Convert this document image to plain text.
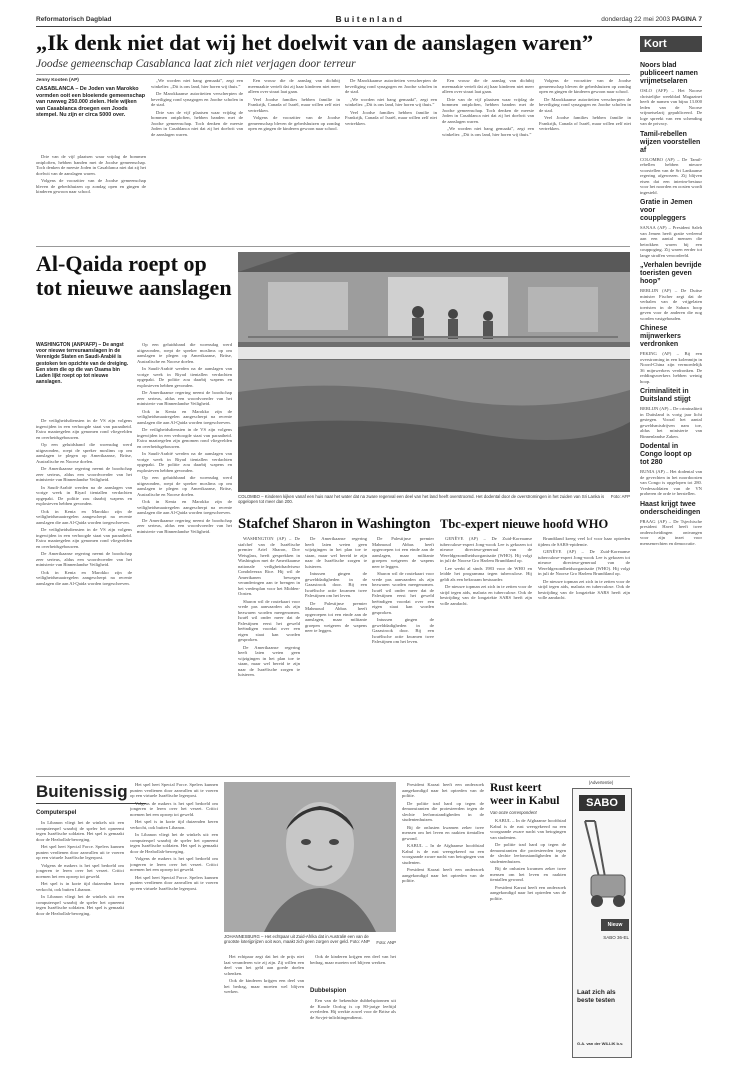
Reformatorisch Dagblad	Buitenland	donderdag 22 mei 2003 PAGINA 7
„Ik denk niet dat wij het doelwit van de aanslagen waren”
Joodse gemeenschap Casablanca laat zich niet verjagen door terreur
Kort
Jenny Kooten (AP)
CASABLANCA – De Joden van Marokko vormden ooit een bloeiende gemeenschap van ruwweg 250.000 zielen. Hele wijken van Casablanca droegen een Joods stempel. Nu zijn er circa 5000 over.

Drie van de vijf plaatsen waar vrijdag de bommen ontploften, hebben banden met de Joodse gemeenschap. Toch denken de meeste Joden in Casablanca niet dat zij het doelwit van de aanslagen waren.

Volgens de voorzitter van de Joodse gemeenschap bleven de gebedshuizen op zondag open en gingen de kinderen gewoon naar school.

„We worden niet bang gemaakt”, zegt een winkelier. „Dit is ons land, hier horen wij thuis.”

De Marokkaanse autoriteiten verscherpten de beveiliging rond synagogen en Joodse scholen in de stad.

Drie van de vijf plaatsen waar vrijdag de bommen ontploften, hebben banden met de Joodse gemeenschap. Toch denken de meeste Joden in Casablanca niet dat zij het doelwit van de aanslagen waren.

Een vrouw die de aanslag van dichtbij meemaakte vertelt dat zij haar kinderen niet meer alleen over straat laat gaan.

Veel Joodse families hebben familie in Frankrijk, Canada of Israël, maar willen zelf niet vertrekken.

Volgens de voorzitter van de Joodse gemeenschap bleven de gebedshuizen op zondag open en gingen de kinderen gewoon naar school.

De Marokkaanse autoriteiten verscherpten de beveiliging rond synagogen en Joodse scholen in de stad.

„We worden niet bang gemaakt”, zegt een winkelier. „Dit is ons land, hier horen wij thuis.”

Veel Joodse families hebben familie in Frankrijk, Canada of Israël, maar willen zelf niet vertrekken.

Een vrouw die de aanslag van dichtbij meemaakte vertelt dat zij haar kinderen niet meer alleen over straat laat gaan.

Drie van de vijf plaatsen waar vrijdag de bommen ontploften, hebben banden met de Joodse gemeenschap. Toch denken de meeste Joden in Casablanca niet dat zij het doelwit van de aanslagen waren.

„We worden niet bang gemaakt”, zegt een winkelier. „Dit is ons land, hier horen wij thuis.”

Volgens de voorzitter van de Joodse gemeenschap bleven de gebedshuizen op zondag open en gingen de kinderen gewoon naar school.

De Marokkaanse autoriteiten verscherpten de beveiliging rond synagogen en Joodse scholen in de stad.

Veel Joodse families hebben familie in Frankrijk, Canada of Israël, maar willen zelf niet vertrekken.

Al-Qaida roept op tot nieuwe aanslagen
WASHINGTON (ANP/AFP) – De angst voor nieuwe terreuraanslagen in de Verenigde Staten en Saudi-Arabië is gestoken ten opzichte van de dreiging. Een stem die op die van Osama bin Laden lijkt roept op tot nieuwe aanslagen.

De veiligheidsdiensten in de VS zijn volgens ingewijden in een verhoogde staat van paraatheid. Extra maatregelen zijn genomen rond vliegvelden en overheidsgebouwen.

Op een geluidsband die woensdag werd uitgezonden, roept de spreker moslims op om aanslagen te plegen op Amerikaanse, Britse, Australische en Noorse doelen.

De Amerikaanse regering neemt de boodschap zeer serieus, aldus een woordvoerder van het ministerie van Binnenlandse Veiligheid.

In Saudi-Arabië werden na de aanslagen van vorige week in Riyad tientallen verdachten opgepakt. De politie zou daarbij wapens en explosieven hebben gevonden.

Ook in Kenia en Marokko zijn de veiligheidsmaatregelen aangescherpt na recente aanslagen die aan Al-Qaida worden toegeschreven.

De veiligheidsdiensten in de VS zijn volgens ingewijden in een verhoogde staat van paraatheid. Extra maatregelen zijn genomen rond vliegvelden en overheidsgebouwen.

De Amerikaanse regering neemt de boodschap zeer serieus, aldus een woordvoerder van het ministerie van Binnenlandse Veiligheid.

Ook in Kenia en Marokko zijn de veiligheidsmaatregelen aangescherpt na recente aanslagen die aan Al-Qaida worden toegeschreven.

Op een geluidsband die woensdag werd uitgezonden, roept de spreker moslims op om aanslagen te plegen op Amerikaanse, Britse, Australische en Noorse doelen.

In Saudi-Arabië werden na de aanslagen van vorige week in Riyad tientallen verdachten opgepakt. De politie zou daarbij wapens en explosieven hebben gevonden.

De Amerikaanse regering neemt de boodschap zeer serieus, aldus een woordvoerder van het ministerie van Binnenlandse Veiligheid.

Ook in Kenia en Marokko zijn de veiligheidsmaatregelen aangescherpt na recente aanslagen die aan Al-Qaida worden toegeschreven.

De veiligheidsdiensten in de VS zijn volgens ingewijden in een verhoogde staat van paraatheid. Extra maatregelen zijn genomen rond vliegvelden en overheidsgebouwen.

In Saudi-Arabië werden na de aanslagen van vorige week in Riyad tientallen verdachten opgepakt. De politie zou daarbij wapens en explosieven hebben gevonden.

Op een geluidsband die woensdag werd uitgezonden, roept de spreker moslims op om aanslagen te plegen op Amerikaanse, Britse, Australische en Noorse doelen.

Ook in Kenia en Marokko zijn de veiligheidsmaatregelen aangescherpt na recente aanslagen die aan Al-Qaida worden toegeschreven.

De Amerikaanse regering neemt de boodschap zeer serieus, aldus een woordvoerder van het ministerie van Binnenlandse Veiligheid.

COLOMBO – Kinderen kijken vanaf een huis naar het water dat na zware regenval een deel van het land heeft overstroomd. Het dodental door de overstromingen in het zuiden van Sri Lanka is opgelopen tot meer dan 200.
Foto: AFP
Stafchef Sharon in Washington

WASHINGTON (AP) – De stafchef van de Israëlische premier Ariel Sharon, Dov Weisglass, heeft gesprekken in Washington met de Amerikaanse nationale veiligheidsadviseur Condoleezza Rice. Hij wil de Amerikanen bewegen veranderingen aan te brengen in het vredesplan voor het Midden-Oosten.

Sharon wil de routekaart voor vrede pas aanvaarden als zijn bezwaren worden meegenomen. Israël wil onder meer dat de Palestijnen eerst het geweld beëindigen voordat over een eigen staat kan worden gesproken.

De Amerikaanse regering heeft laten weten geen wijzigingen in het plan toe te staan, maar wel bereid te zijn naar de Israëlische zorgen te luisteren.

De Amerikaanse regering heeft laten weten geen wijzigingen in het plan toe te staan, maar wel bereid te zijn naar de Israëlische zorgen te luisteren.

Intussen gingen de gewelddadigheden in de Gazastrook door. Bij een Israëlische actie kwamen twee Palestijnen om het leven.

De Palestijnse premier Mahmoud Abbas heeft opgeroepen tot een einde aan de aanslagen, maar militante groepen weigeren de wapens neer te leggen.

De Palestijnse premier Mahmoud Abbas heeft opgeroepen tot een einde aan de aanslagen, maar militante groepen weigeren de wapens neer te leggen.

Sharon wil de routekaart voor vrede pas aanvaarden als zijn bezwaren worden meegenomen. Israël wil onder meer dat de Palestijnen eerst het geweld beëindigen voordat over een eigen staat kan worden gesproken.

Intussen gingen de gewelddadigheden in de Gazastrook door. Bij een Israëlische actie kwamen twee Palestijnen om het leven.

Tbc-expert nieuwe hoofd WHO

GENÈVE (AP) – De Zuid-Koreaanse tuberculose-expert Jong-wook Lee is gekozen tot nieuwe directeur-generaal van de Wereldgezondheidsorganisatie (WHO). Hij volgt in juli de Noorse Gro Harlem Brundtland op.

Lee werkt al sinds 1983 voor de WHO en leidde het programma tegen tuberculose. Hij geldt als een bekwaam bestuurder.

De nieuwe topman zei zich in te zetten voor de strijd tegen aids, malaria en tuberculose. Ook de bestrijding van de longziekte SARS heeft zijn volle aandacht.

Brundtland kreeg veel lof voor haar optreden tijdens de SARS-epidemie.

GENÈVE (AP) – De Zuid-Koreaanse tuberculose-expert Jong-wook Lee is gekozen tot nieuwe directeur-generaal van de Wereldgezondheidsorganisatie (WHO). Hij volgt in juli de Noorse Gro Harlem Brundtland op.

De nieuwe topman zei zich in te zetten voor de strijd tegen aids, malaria en tuberculose. Ook de bestrijding van de longziekte SARS heeft zijn volle aandacht.

Buitenissig
Computerspel

In Libanon vliegt het de winkels uit: een computerspel waarbij de speler het opneemt tegen Israëlische soldaten. Het spel is gemaakt door de Hezbollah-beweging.

Het spel heet Special Force. Spelers kunnen punten verdienen door aanvallen uit te voeren op een virtuele Israëlische legerpost.

Volgens de makers is het spel bedoeld om jongeren te leren over het verzet. Critici noemen het een oproep tot geweld.

Het spel is in korte tijd duizenden keren verkocht, ook buiten Libanon.

In Libanon vliegt het de winkels uit: een computerspel waarbij de speler het opneemt tegen Israëlische soldaten. Het spel is gemaakt door de Hezbollah-beweging.

Het spel heet Special Force. Spelers kunnen punten verdienen door aanvallen uit te voeren op een virtuele Israëlische legerpost.

Volgens de makers is het spel bedoeld om jongeren te leren over het verzet. Critici noemen het een oproep tot geweld.

Het spel is in korte tijd duizenden keren verkocht, ook buiten Libanon.

In Libanon vliegt het de winkels uit: een computerspel waarbij de speler het opneemt tegen Israëlische soldaten. Het spel is gemaakt door de Hezbollah-beweging.

Volgens de makers is het spel bedoeld om jongeren te leren over het verzet. Critici noemen het een oproep tot geweld.

Het spel heet Special Force. Spelers kunnen punten verdienen door aanvallen uit te voeren op een virtuele Israëlische legerpost.

JOHANNESBURG – Het echtpaar uit Zuid-Afrika dat in Australië een van de grootste loterijprijzen ooit won, maakt zich geen zorgen over geld. Foto: ANP	Foto: ANP

Het echtpaar zegt dat het de prijs niet laat veranderen wie zij zijn. Zij willen een deel van het geld aan goede doelen schenken.

Ook de kinderen krijgen een deel van het bedrag, maar moeten wel blijven werken.

Ook de kinderen krijgen een deel van het bedrag, maar moeten wel blijven werken.

Dubbelspion

Een van de bekendste dubbelspionnen uit de Koude Oorlog is op 80-jarige leeftijd overleden. Hij werkte zowel voor de Britse als de Sovjet-inlichtingendienst.

President Karzai heeft een onderzoek aangekondigd naar het optreden van de politie.

De politie trad hard op tegen de demonstranten die protesteerden tegen de slechte leefomstandigheden in de studentenhuizen.

Bij de onlusten kwamen zeker twee mensen om het leven en raakten tientallen gewond.

KABUL – In de Afghaanse hoofdstad Kabul is de rust weergekeerd na een voorgaande zware nacht van betogingen van studenten.

President Karzai heeft een onderzoek aangekondigd naar het optreden van de politie.

Rust keert weer in Kabul
Van onze correspondent

KABUL – In de Afghaanse hoofdstad Kabul is de rust weergekeerd na een voorgaande zware nacht van betogingen van studenten.

De politie trad hard op tegen de demonstranten die protesteerden tegen de slechte leefomstandigheden in de studentenhuizen.

Bij de onlusten kwamen zeker twee mensen om het leven en raakten tientallen gewond.

President Karzai heeft een onderzoek aangekondigd naar het optreden van de politie.

(Advertentie)
SABO
Nieuw
SABO 36-EL
Laat zich als beste testen
G.A. van der WILLIK b.v.
Noors blad publiceert namen vrijmetselaren
OSLO (AFP) – Het Noorse christelijke weekblad Magazinet heeft de namen van bijna 13.000 leden van de Noorse vrijmetselarij gepubliceerd. De loge spreekt van een schending van de privacy.
Tamil-rebellen wijzen voorstellen af
COLOMBO (AP) – De Tamil-rebellen hebben nieuwe voorstellen van de Sri Lankaanse regering afgewezen. Zij blijven eisen dat een interim-bestuur voor het noorden en oosten wordt ingesteld.
Gratie in Jemen voor couppleggers
SANAA (AP) – President Saleh van Jemen heeft gratie verleend aan een aantal mensen die betrokken waren bij een couppoging. Zij waren eerder tot lange straffen veroordeeld.
„Verhalen bevrijde toeristen geven hoop”
BERLIJN (AP) – De Duitse minister Fischer zegt dat de verhalen van de vrijgelaten toeristen in de Sahara hoop geven voor de anderen die nog worden vastgehouden.
Chinese mijnwerkers verdronken
PEKING (AP) – Bij een overstroming in een kolenmijn in Noord-China zijn vermoedelijk 36 mijnwerkers verdronken. De reddingswerkers hebben weinig hoop.
Criminaliteit in Duitsland stijgt
BERLIJN (AP) – De criminaliteit in Duitsland is vorig jaar licht gestegen. Vooral het aantal geweldsmisdrijven nam toe, aldus het ministerie van Binnenlandse Zaken.
Dodental in Congo loopt op tot 280
BUNIA (AP) – Het dodental van de gevechten in het noordoosten van Congo is opgelopen tot 280. Vredessoldaten van de VN proberen de orde te herstellen.
Haast krijgt twee onderscheidingen
PRAAG (AP) – De Tsjechische president Havel heeft twee onderscheidingen ontvangen voor zijn inzet voor mensenrechten en democratie.
